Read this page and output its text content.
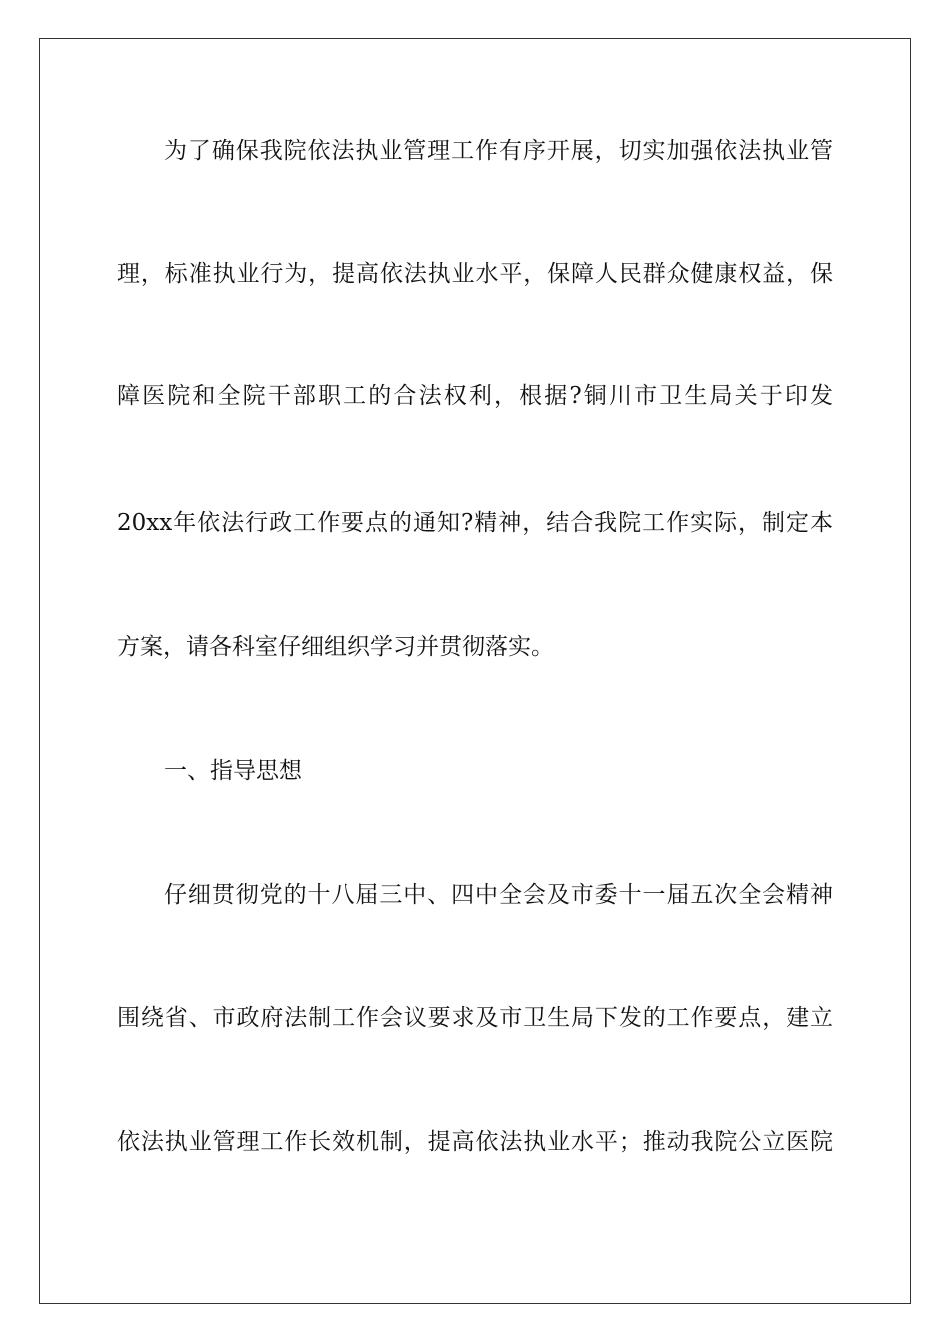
为了确保我院依法执业管理工作有序开展，切实加强依法执业管
理，标准执业行为，提高依法执业水平，保障人民群众健康权益，保
障医院和全院干部职工的合法权利，根据?铜川市卫生局关于印发
20xx年依法行政工作要点的通知?精神，结合我院工作实际，制定本
方案，请各科室仔细组织学习并贯彻落实。
一、指导思想
仔细贯彻党的十八届三中、四中全会及市委十一届五次全会精神
围绕省、市政府法制工作会议要求及市卫生局下发的工作要点，建立
依法执业管理工作长效机制，提高依法执业水平；推动我院公立医院
